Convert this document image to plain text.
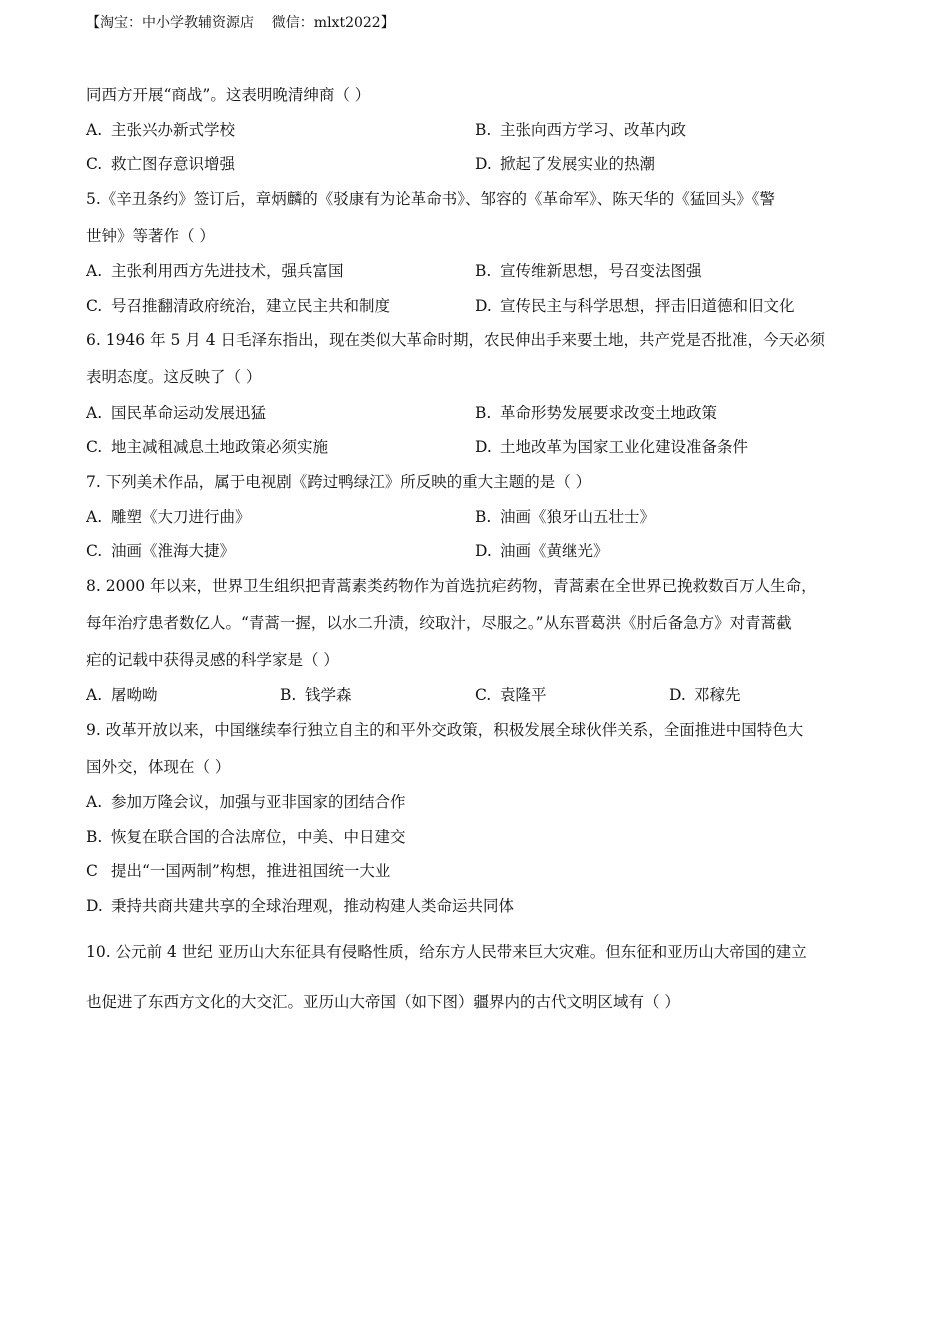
【淘宝：中小学教辅资源店    微信：mlxt2022】
同西方开展“商战”。这表明晚清绅商（ ）
A. 主张兴办新式学校	B. 主张向西方学习、改革内政
C. 救亡图存意识增强	D. 掀起了发展实业的热潮
5.《辛丑条约》签订后，章炳麟的《驳康有为论革命书》、邹容的《革命军》、陈天华的《猛回头》《警
世钟》等著作（ ）
A. 主张利用西方先进技术，强兵富国	B. 宣传维新思想，号召变法图强
C. 号召推翻清政府统治，建立民主共和制度	D. 宣传民主与科学思想，抨击旧道德和旧文化
6. 1946 年 5 月 4 日毛泽东指出，现在类似大革命时期，农民伸出手来要土地，共产党是否批准，今天必须
表明态度。这反映了（ ）
A. 国民革命运动发展迅猛	B. 革命形势发展要求改变土地政策
C. 地主减租减息土地政策必须实施	D. 土地改革为国家工业化建设准备条件
7. 下列美术作品，属于电视剧《跨过鸭绿江》所反映的重大主题的是（ ）
A. 雕塑《大刀进行曲》	B. 油画《狼牙山五壮士》
C. 油画《淮海大捷》	D. 油画《黄继光》
8. 2000 年以来，世界卫生组织把青蒿素类药物作为首选抗疟药物，青蒿素在全世界已挽救数百万人生命，
每年治疗患者数亿人。“青蒿一握，以水二升渍，绞取汁，尽服之。”从东晋葛洪《肘后备急方》对青蒿截
疟的记载中获得灵感的科学家是（ ）
A. 屠呦呦	B. 钱学森	C. 袁隆平	D. 邓稼先
9. 改革开放以来，中国继续奉行独立自主的和平外交政策，积极发展全球伙伴关系，全面推进中国特色大
国外交，体现在（ ）
A. 参加万隆会议，加强与亚非国家的团结合作
B. 恢复在联合国的合法席位，中美、中日建交
C 提出“一国两制”构想，推进祖国统一大业
D. 秉持共商共建共享的全球治理观，推动构建人类命运共同体
10. 公元前 4 世纪 亚历山大东征具有侵略性质，给东方人民带来巨大灾难。但东征和亚历山大帝国的建立
也促进了东西方文化的大交汇。亚历山大帝国（如下图）疆界内的古代文明区域有（ ）
